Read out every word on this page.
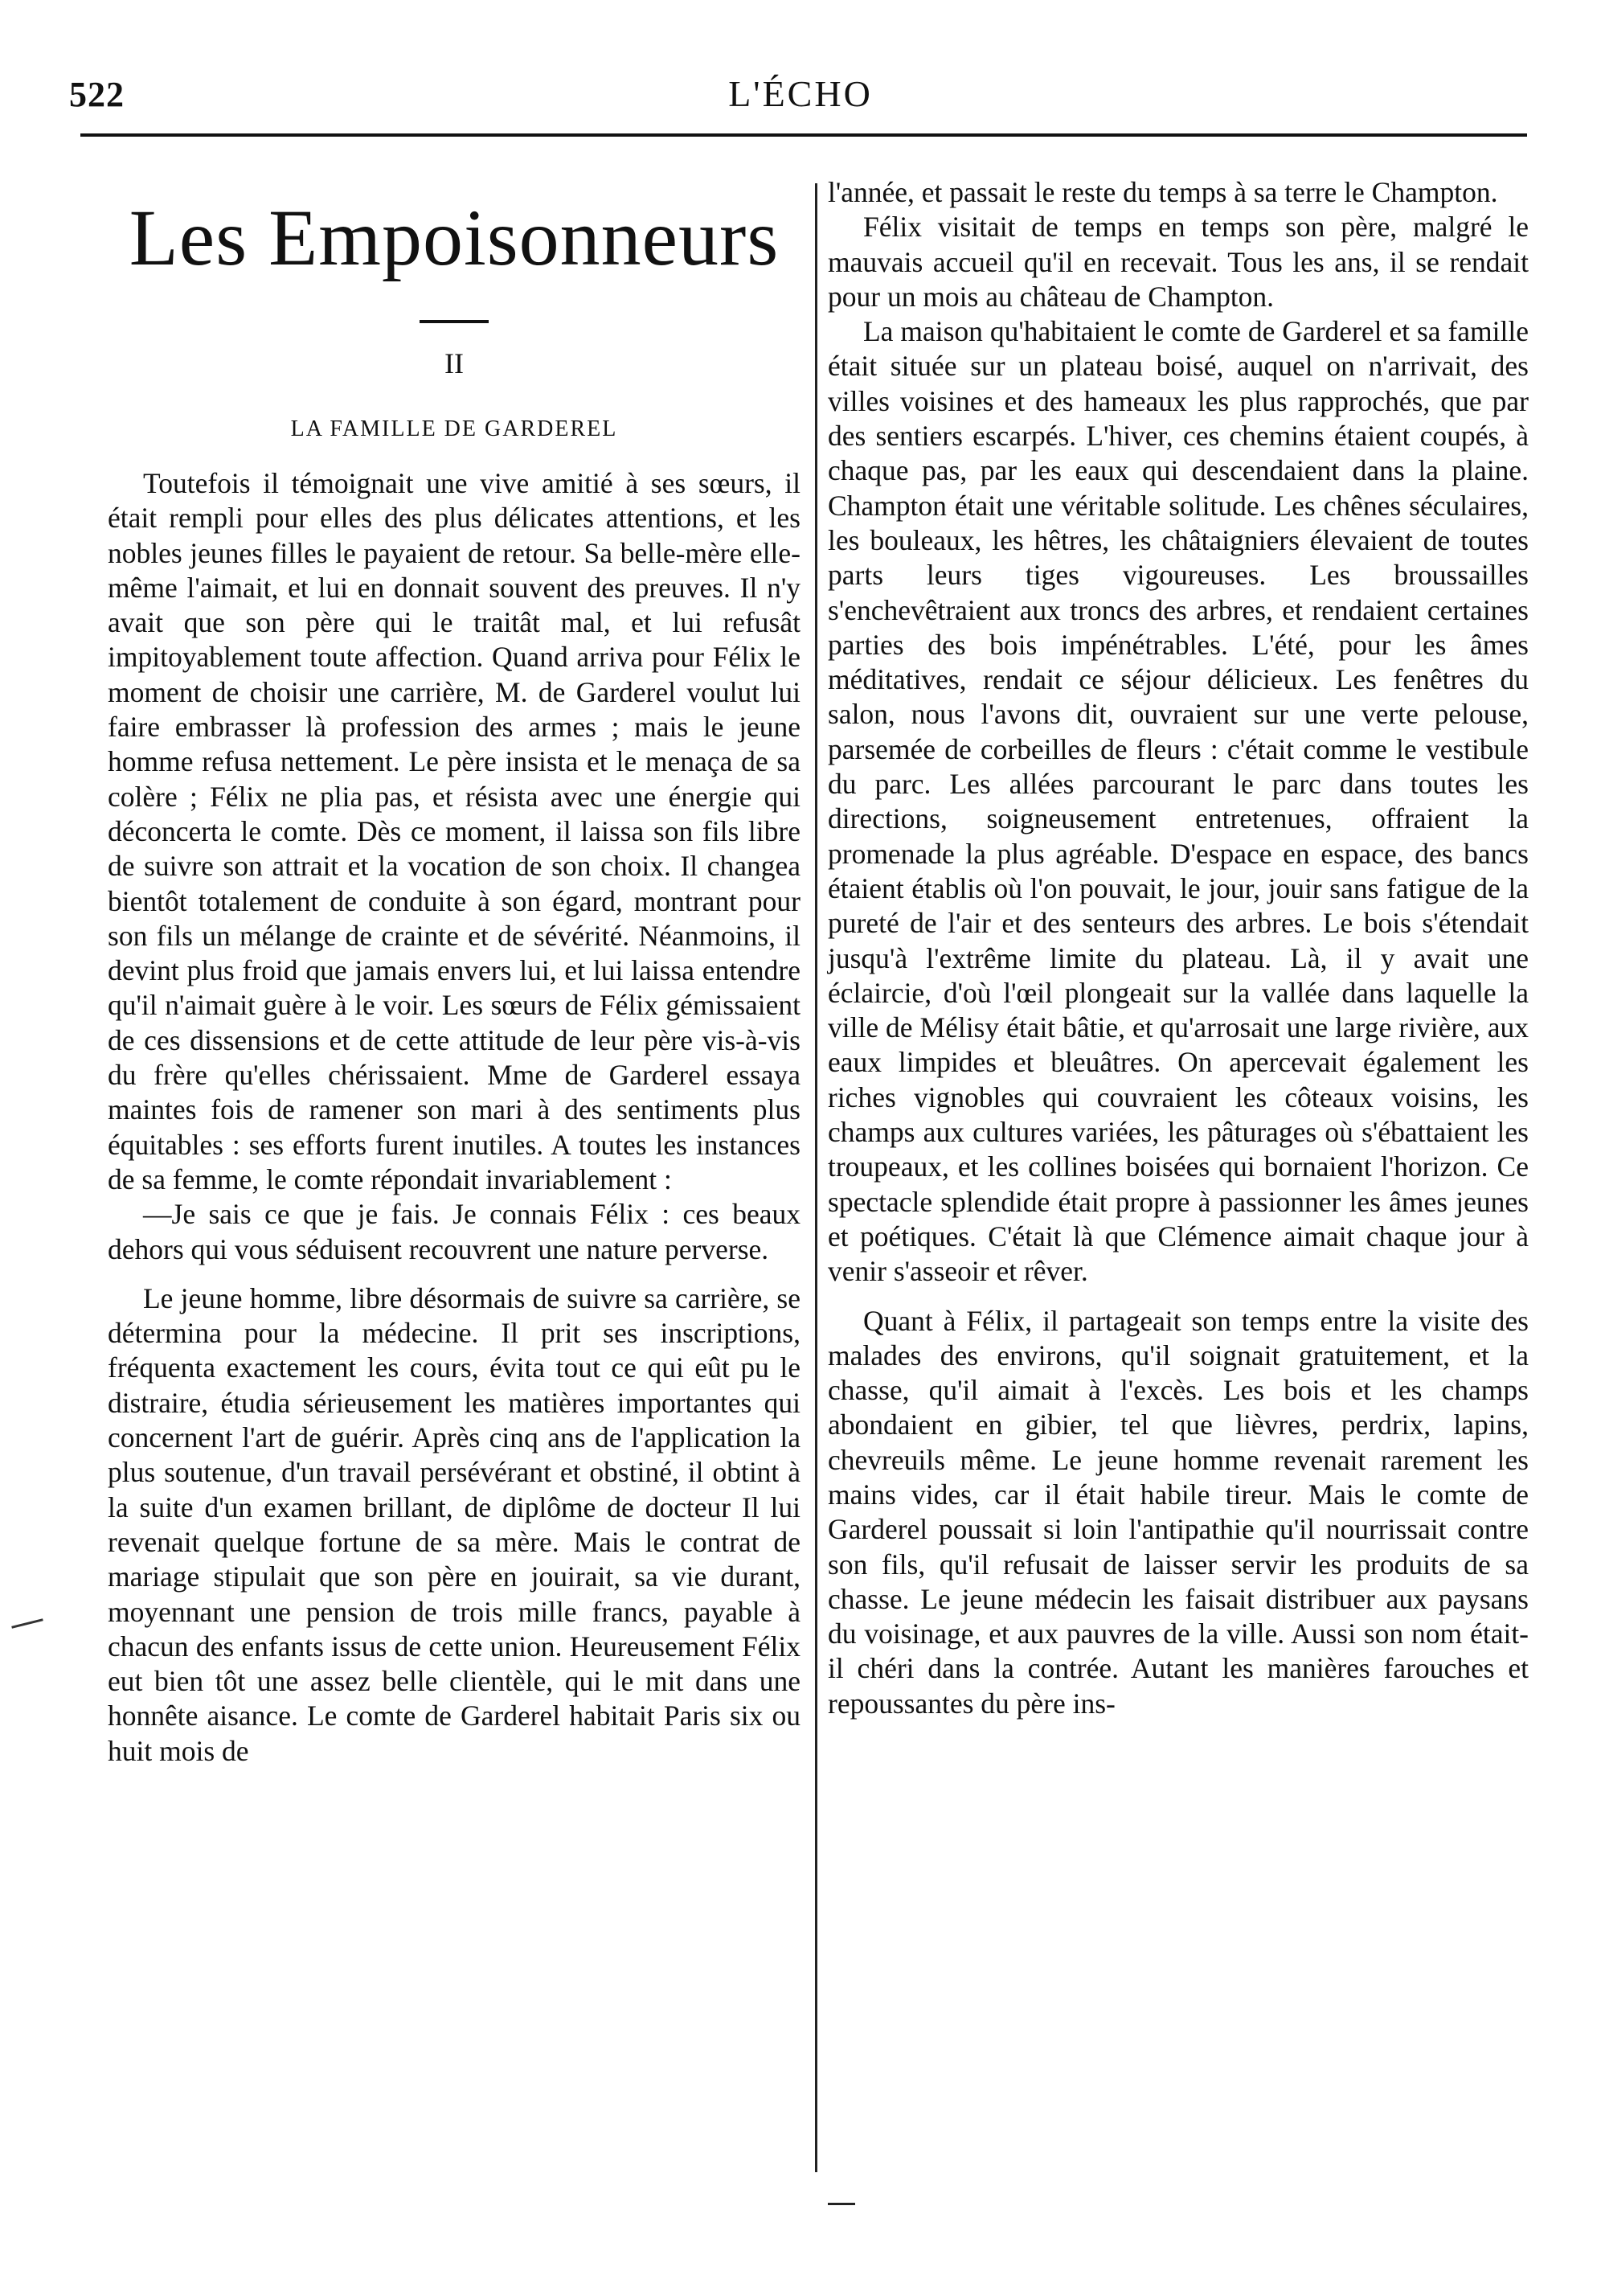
522	L'ÉCHO
Les Empoisonneurs
II
LA FAMILLE DE GARDEREL

Toutefois il témoignait une vive amitié à ses sœurs, il était rempli pour elles des plus délicates attentions, et les nobles jeunes filles le payaient de retour. Sa belle-mère elle-même l'aimait, et lui en donnait souvent des preuves. Il n'y avait que son père qui le traitât mal, et lui refusât impitoyablement toute affection. Quand arriva pour Félix le moment de choisir une carrière, M. de Garderel voulut lui faire embrasser là profession des armes ; mais le jeune homme refusa nettement. Le père insista et le menaça de sa colère ; Félix ne plia pas, et résista avec une énergie qui déconcerta le comte. Dès ce moment, il laissa son fils libre de suivre son attrait et la vocation de son choix. Il changea bientôt totalement de conduite à son égard, montrant pour son fils un mélange de crainte et de sévérité. Néanmoins, il devint plus froid que jamais envers lui, et lui laissa entendre qu'il n'aimait guère à le voir. Les sœurs de Félix gémissaient de ces dissensions et de cette attitude de leur père vis-à-vis du frère qu'elles chérissaient. Mme de Garderel essaya maintes fois de ramener son mari à des sentiments plus équitables : ses efforts furent inutiles. A toutes les instances de sa femme, le comte répondait invariablement :

—Je sais ce que je fais. Je connais Félix : ces beaux dehors qui vous séduisent recouvrent une nature perverse.

Le jeune homme, libre désormais de suivre sa carrière, se détermina pour la médecine. Il prit ses inscriptions, fréquenta exactement les cours, évita tout ce qui eût pu le distraire, étudia sérieusement les matières importantes qui concernent l'art de guérir. Après cinq ans de l'application la plus soutenue, d'un travail persévérant et obstiné, il obtint à la suite d'un examen brillant, de diplôme de docteur Il lui revenait quelque fortune de sa mère. Mais le contrat de mariage stipulait que son père en jouirait, sa vie durant, moyennant une pension de trois mille francs, payable à chacun des enfants issus de cette union. Heureusement Félix eut bien tôt une assez belle clientèle, qui le mit dans une honnête aisance. Le comte de Garderel habitait Paris six ou huit mois de

l'année, et passait le reste du temps à sa terre le Champton.

Félix visitait de temps en temps son père, malgré le mauvais accueil qu'il en recevait. Tous les ans, il se rendait pour un mois au château de Champton.

La maison qu'habitaient le comte de Garderel et sa famille était située sur un plateau boisé, auquel on n'arrivait, des villes voisines et des hameaux les plus rapprochés, que par des sentiers escarpés. L'hiver, ces chemins étaient coupés, à chaque pas, par les eaux qui descendaient dans la plaine. Champton était une véritable solitude. Les chênes séculaires, les bouleaux, les hêtres, les châtaigniers élevaient de toutes parts leurs tiges vigoureuses. Les broussailles s'enchevêtraient aux troncs des arbres, et rendaient certaines parties des bois impénétrables. L'été, pour les âmes méditatives, rendait ce séjour délicieux. Les fenêtres du salon, nous l'avons dit, ouvraient sur une verte pelouse, parsemée de corbeilles de fleurs : c'était comme le vestibule du parc. Les allées parcourant le parc dans toutes les directions, soigneusement entretenues, offraient la promenade la plus agréable. D'espace en espace, des bancs étaient établis où l'on pouvait, le jour, jouir sans fatigue de la pureté de l'air et des senteurs des arbres. Le bois s'étendait jusqu'à l'extrême limite du plateau. Là, il y avait une éclaircie, d'où l'œil plongeait sur la vallée dans laquelle la ville de Mélisy était bâtie, et qu'arrosait une large rivière, aux eaux limpides et bleuâtres. On apercevait également les riches vignobles qui couvraient les côteaux voisins, les champs aux cultures variées, les pâturages où s'ébattaient les troupeaux, et les collines boisées qui bornaient l'horizon. Ce spectacle splendide était propre à passionner les âmes jeunes et poétiques. C'était là que Clémence aimait chaque jour à venir s'asseoir et rêver.

Quant à Félix, il partageait son temps entre la visite des malades des environs, qu'il soignait gratuitement, et la chasse, qu'il aimait à l'excès. Les bois et les champs abondaient en gibier, tel que lièvres, perdrix, lapins, chevreuils même. Le jeune homme revenait rarement les mains vides, car il était habile tireur. Mais le comte de Garderel poussait si loin l'antipathie qu'il nourrissait contre son fils, qu'il refusait de laisser servir les produits de sa chasse. Le jeune médecin les faisait distribuer aux paysans du voisinage, et aux pauvres de la ville. Aussi son nom était-il chéri dans la contrée. Autant les manières farouches et repoussantes du père ins-
